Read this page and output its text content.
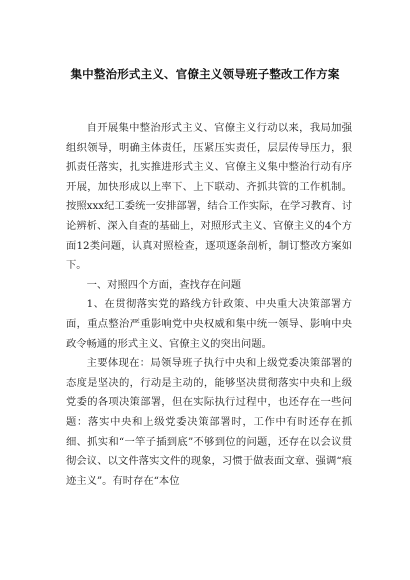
集中整治形式主义、官僚主义领导班子整改工作方案

自开展集中整治形式主义、官僚主义行动以来，我局加强组织领导，明确主体责任，压紧压实责任，层层传导压力，狠抓责任落实，扎实推进形式主义、官僚主义集中整治行动有序开展，加快形成以上率下、上下联动、齐抓共管的工作机制。按照xxx纪工委统一安排部署，结合工作实际，在学习教育、讨论辨析、深入自查的基础上，对照形式主义、官僚主义的4个方面12类问题，认真对照检查，逐项逐条剖析，制订整改方案如下。

一、对照四个方面，查找存在问题

1、在贯彻落实党的路线方针政策、中央重大决策部署方面，重点整治严重影响党中央权威和集中统一领导、影响中央政令畅通的形式主义、官僚主义的突出问题。

主要体现在：局领导班子执行中央和上级党委决策部署的态度是坚决的，行动是主动的，能够坚决贯彻落实中央和上级党委的各项决策部署，但在实际执行过程中，也还存在一些问题：落实中央和上级党委决策部署时，工作中有时还存在抓细、抓实和“一竿子插到底”不够到位的问题，还存在以会议贯彻会议、以文件落实文件的现象，习惯于做表面文章、强调“痕迹主义”。有时存在“本位
